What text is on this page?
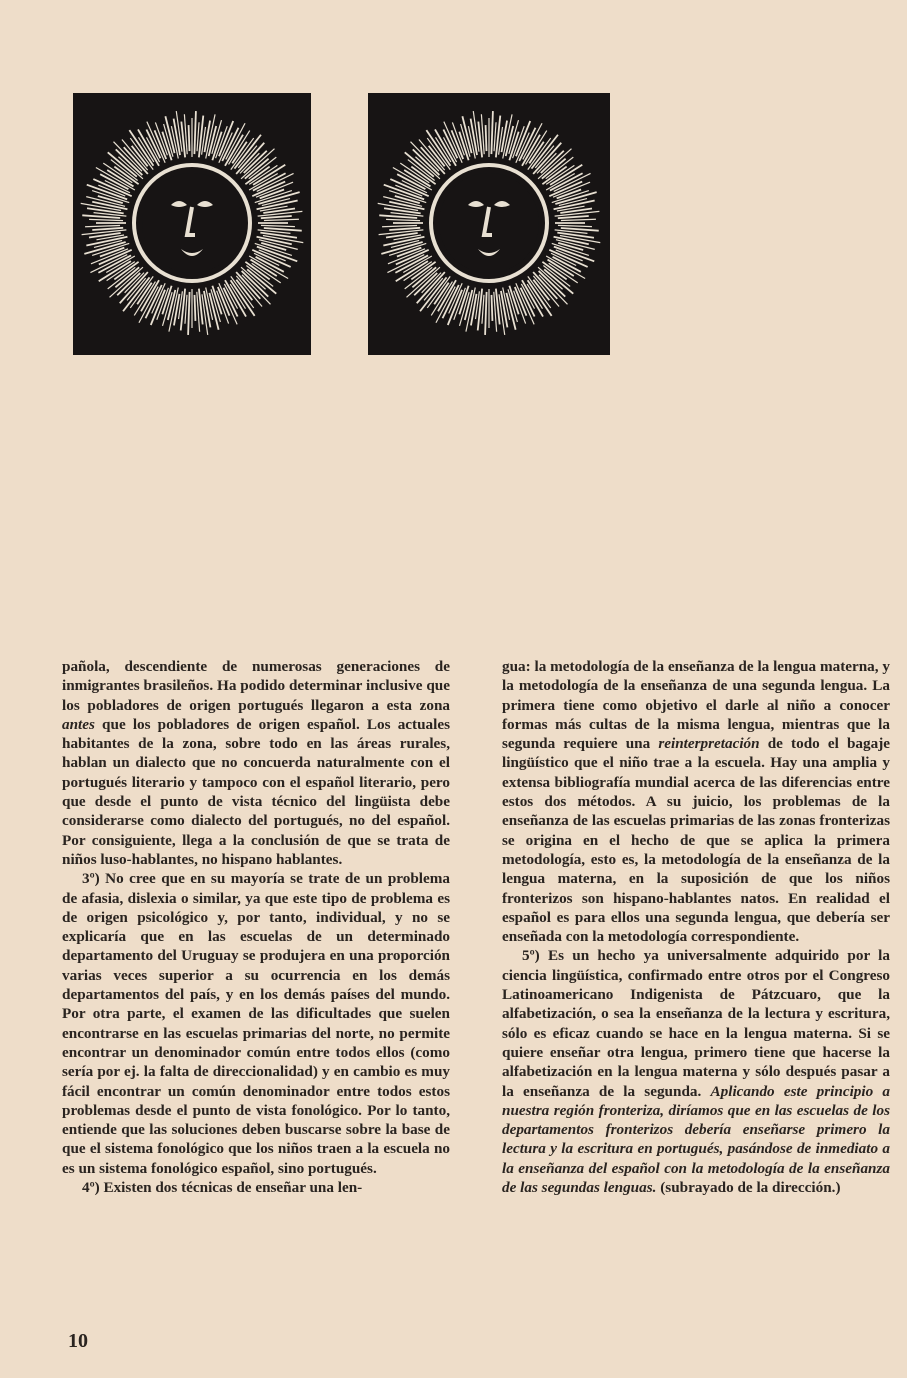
pañola, descendiente de numerosas generaciones de inmigrantes brasileños. Ha podido determinar inclusive que los pobladores de origen portugués llegaron a esta zona antes que los pobladores de origen español. Los actuales habitantes de la zona, sobre todo en las áreas rurales, hablan un dialecto que no concuerda naturalmente con el portugués literario y tampoco con el español literario, pero que desde el punto de vista técnico del lingüista debe considerarse como dialecto del portugués, no del español. Por consiguiente, llega a la conclusión de que se trata de niños luso-hablantes, no hispano hablantes.

3º) No cree que en su mayoría se trate de un problema de afasia, dislexia o similar, ya que este tipo de problema es de origen psicológico y, por tanto, individual, y no se explicaría que en las escuelas de un determinado departamento del Uruguay se produjera en una proporción varias veces superior a su ocurrencia en los demás departamentos del país, y en los demás países del mundo. Por otra parte, el examen de las dificultades que suelen encontrarse en las escuelas primarias del norte, no permite encontrar un denominador común entre todos ellos (como sería por ej. la falta de direccionalidad) y en cambio es muy fácil encontrar un común denominador entre todos estos problemas desde el punto de vista fonológico. Por lo tanto, entiende que las soluciones deben buscarse sobre la base de que el sistema fonológico que los niños traen a la escuela no es un sistema fonológico español, sino portugués.

4º) Existen dos técnicas de enseñar una len-

gua: la metodología de la enseñanza de la lengua materna, y la metodología de la enseñanza de una segunda lengua. La primera tiene como objetivo el darle al niño a conocer formas más cultas de la misma lengua, mientras que la segunda requiere una reinterpretación de todo el bagaje lingüístico que el niño trae a la escuela. Hay una amplia y extensa bibliografía mundial acerca de las diferencias entre estos dos métodos. A su juicio, los problemas de la enseñanza de las escuelas primarias de las zonas fronterizas se origina en el hecho de que se aplica la primera metodología, esto es, la metodología de la enseñanza de la lengua materna, en la suposición de que los niños fronterizos son hispano-hablantes natos. En realidad el español es para ellos una segunda lengua, que debería ser enseñada con la metodología correspondiente.

5º) Es un hecho ya universalmente adquirido por la ciencia lingüística, confirmado entre otros por el Congreso Latinoamericano Indigenista de Pátzcuaro, que la alfabetización, o sea la enseñanza de la lectura y escritura, sólo es eficaz cuando se hace en la lengua materna. Si se quiere enseñar otra lengua, primero tiene que hacerse la alfabetización en la lengua materna y sólo después pasar a la enseñanza de la segunda. Aplicando este principio a nuestra región fronteriza, diríamos que en las escuelas de los departamentos fronterizos debería enseñarse primero la lectura y la escritura en portugués, pasándose de inmediato a la enseñanza del español con la metodología de la enseñanza de las segundas lenguas. (subrayado de la dirección.)

10
